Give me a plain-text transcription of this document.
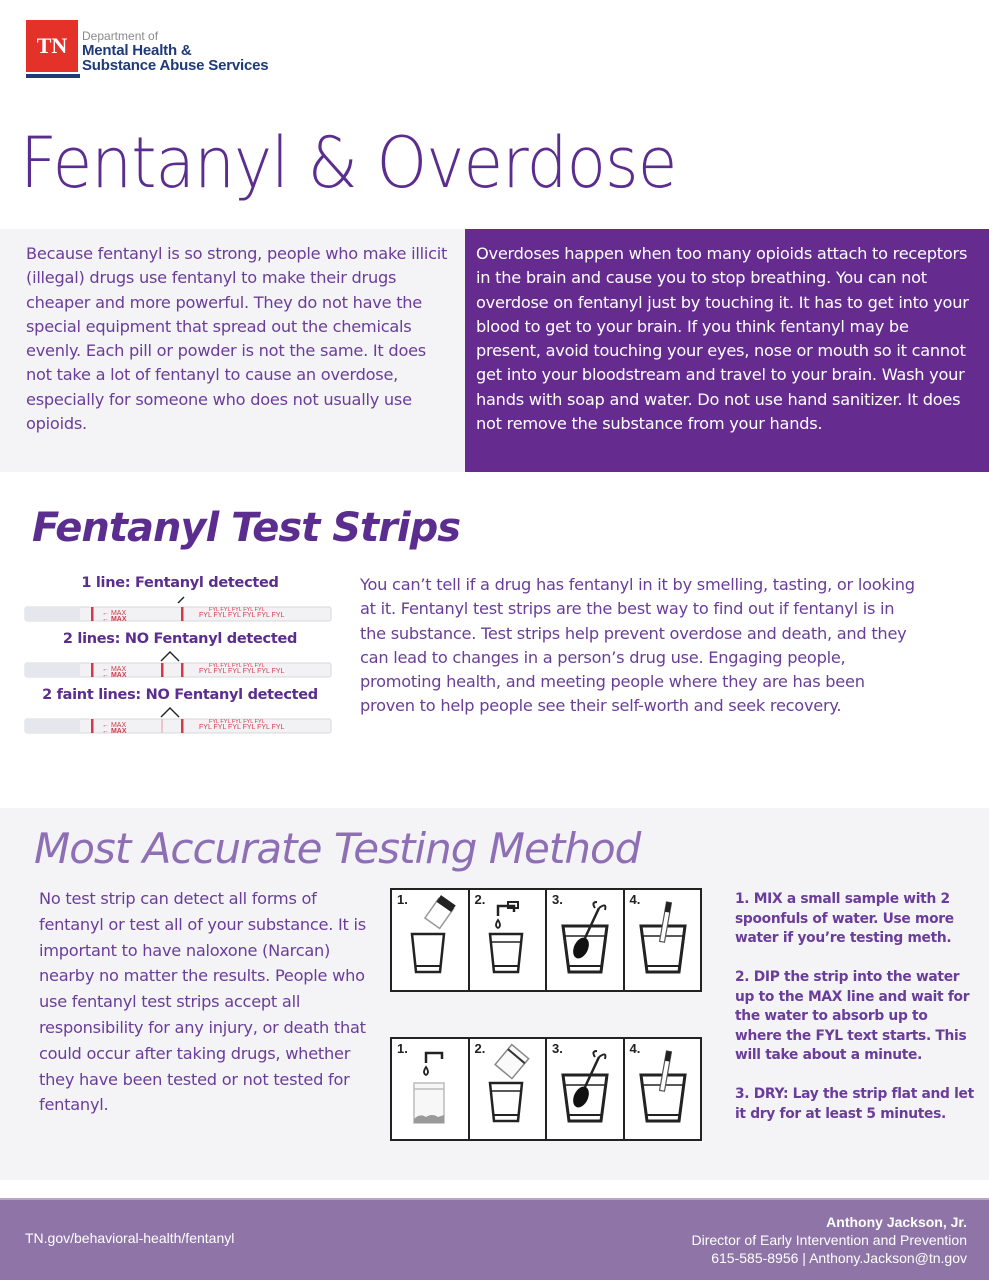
TN Department of
Mental Health &
Substance Abuse Services
Fentanyl & Overdose

Because fentanyl is so strong, people who make illicit (illegal) drugs use fentanyl to make their drugs cheaper and more powerful. They do not have the special equipment that spread out the chemicals evenly. Each pill or powder is not the same. It does not take a lot of fentanyl to cause an overdose, especially for someone who does not usually use opioids.

Overdoses happen when too many opioids attach to receptors in the brain and cause you to stop breathing. You can not overdose on fentanyl just by touching it. It has to get into your blood to get to your brain. If you think fentanyl may be present, avoid touching your eyes, nose or mouth so it cannot get into your bloodstream and travel to your brain. Wash your hands with soap and water. Do not use hand sanitizer. It does not remove the substance from your hands.

Fentanyl Test Strips
1 line: Fentanyl detected
← MAX
← MAX
FYL FYL FYL FYL FYL FYL
FYL FYL FYL FYL FYL
2 lines: NO Fentanyl detected
← MAX
← MAX
FYL FYL FYL FYL FYL FYL
FYL FYL FYL FYL FYL
2 faint lines: NO Fentanyl detected
← MAX
← MAX
FYL FYL FYL FYL FYL FYL
FYL FYL FYL FYL FYL

You can’t tell if a drug has fentanyl in it by smelling, tasting, or looking at it. Fentanyl test strips are the best way to find out if fentanyl is in the substance. Test strips help prevent overdose and death, and they can lead to changes in a person’s drug use. Engaging people, promoting health, and meeting people where they are has been proven to help people see their self-worth and seek recovery.

Most Accurate Testing Method

No test strip can detect all forms of fentanyl or test all of your substance. It is important to have naloxone (Narcan) nearby no matter the results. People who use fentanyl test strips accept all responsibility for any injury, or death that could occur after taking drugs, whether they have been tested or not tested for fentanyl.

1.	2.	3.	4.
1.	2.	3.	4.

1. MIX a small sample with 2 spoonfuls of water. Use more water if you’re testing meth.

2. DIP the strip into the water up to the MAX line and wait for the water to absorb up to where the FYL text starts. This will take about a minute.

3. DRY: Lay the strip flat and let it dry for at least 5 minutes.

TN.gov/behavioral-health/fentanyl
Anthony Jackson, Jr.
Director of Early Intervention and Prevention
615-585-8956 | Anthony.Jackson@tn.gov
